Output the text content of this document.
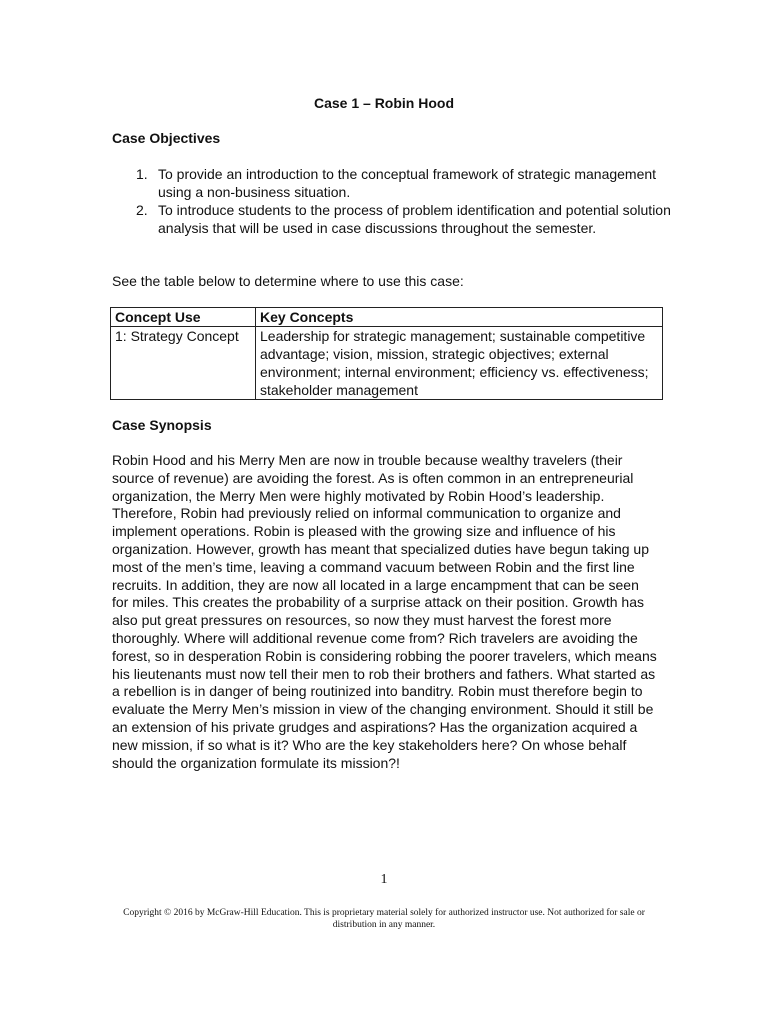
Case 1 – Robin Hood
Case Objectives
1. To provide an introduction to the conceptual framework of strategic management using a non-business situation.
2. To introduce students to the process of problem identification and potential solution analysis that will be used in case discussions throughout the semester.
See the table below to determine where to use this case:
Concept Use	Key Concepts
1: Strategy Concept	Leadership for strategic management; sustainable competitive advantage; vision, mission, strategic objectives; external environment; internal environment; efficiency vs. effectiveness; stakeholder management
Case Synopsis

Robin Hood and his Merry Men are now in trouble because wealthy travelers (their source of revenue) are avoiding the forest. As is often common in an entrepreneurial organization, the Merry Men were highly motivated by Robin Hood’s leadership. Therefore, Robin had previously relied on informal communication to organize and implement operations. Robin is pleased with the growing size and influence of his organization. However, growth has meant that specialized duties have begun taking up most of the men’s time, leaving a command vacuum between Robin and the first line recruits. In addition, they are now all located in a large encampment that can be seen for miles. This creates the probability of a surprise attack on their position. Growth has also put great pressures on resources, so now they must harvest the forest more thoroughly. Where will additional revenue come from? Rich travelers are avoiding the forest, so in desperation Robin is considering robbing the poorer travelers, which means his lieutenants must now tell their men to rob their brothers and fathers. What started as a rebellion is in danger of being routinized into banditry. Robin must therefore begin to evaluate the Merry Men’s mission in view of the changing environment. Should it still be an extension of his private grudges and aspirations? Has the organization acquired a new mission, if so what is it? Who are the key stakeholders here? On whose behalf should the organization formulate its mission?!

1
Copyright © 2016 by McGraw-Hill Education. This is proprietary material solely for authorized instructor use. Not authorized for sale or distribution in any manner.
